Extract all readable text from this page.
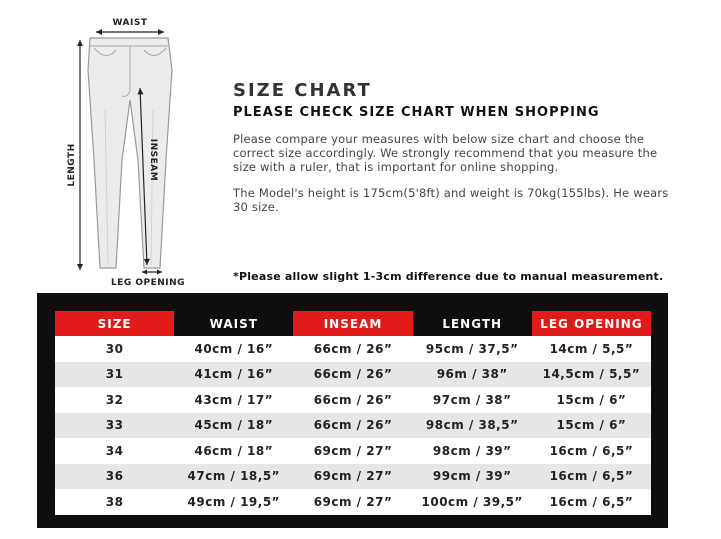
WAIST
LENGTH	INSEAM
LEG OPENING
SIZE CHART
PLEASE CHECK SIZE CHART WHEN SHOPPING

Please compare your measures with below size chart and choose the correct size accordingly. We strongly recommend that you measure the size with a ruler, that is important for online shopping.

The Model's height is 175cm(5'8ft) and weight is 70kg(155lbs). He wears 30 size.

*Please allow slight 1-3cm difference due to manual measurement.
SIZE	WAIST	INSEAM	LENGTH	LEG OPENING
30	40cm / 16”	66cm / 26”	95cm / 37,5”	14cm / 5,5”
31	41cm / 16”	66cm / 26”	96m / 38”	14,5cm / 5,5”
32	43cm / 17”	66cm / 26”	97cm / 38”	15cm / 6”
33	45cm / 18”	66cm / 26”	98cm / 38,5”	15cm / 6”
34	46cm / 18”	69cm / 27”	98cm / 39”	16cm / 6,5”
36	47cm / 18,5”	69cm / 27”	99cm / 39”	16cm / 6,5”
38	49cm / 19,5”	69cm / 27”	100cm / 39,5”	16cm / 6,5”
